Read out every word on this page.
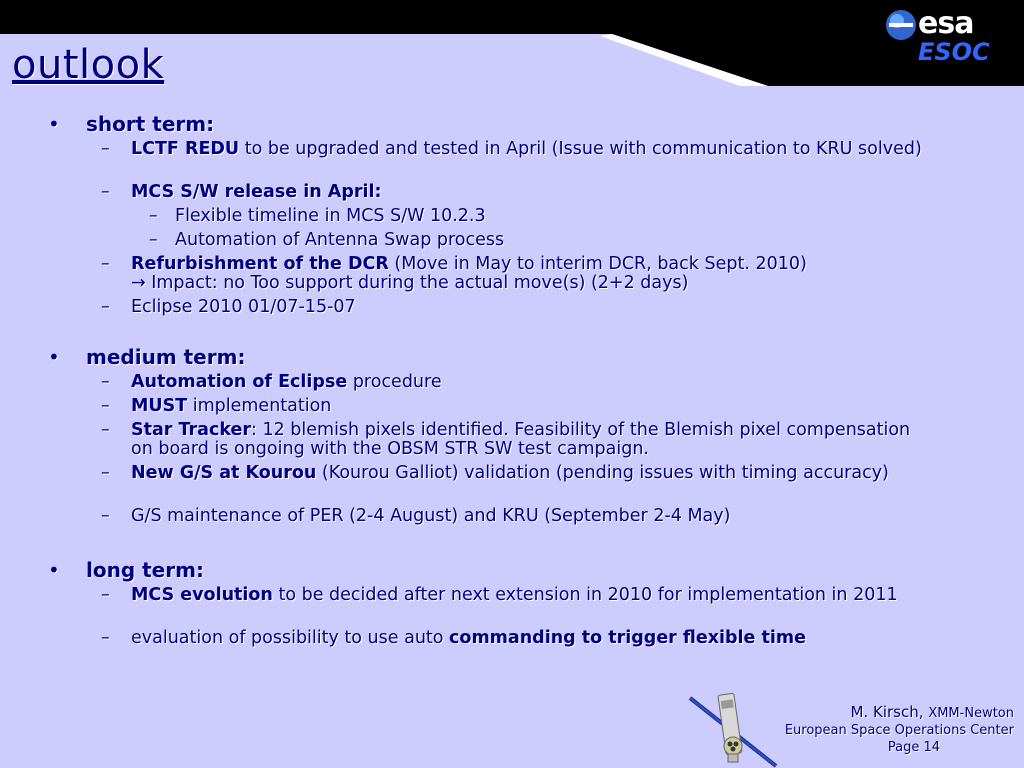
outlook
esa
ESOC
• short term:
– LCTF REDU to be upgraded and tested in April (Issue with communication to KRU solved)
– MCS S/W release in April:
– Flexible timeline in MCS S/W 10.2.3
– Automation of Antenna Swap process
– Refurbishment of the DCR (Move in May to interim DCR, back Sept. 2010)
→ Impact: no Too support during the actual move(s) (2+2 days)
– Eclipse 2010 01/07-15-07
• medium term:
– Automation of Eclipse procedure
– MUST implementation
– Star Tracker: 12 blemish pixels identified. Feasibility of the Blemish pixel compensation on board is ongoing with the OBSM STR SW test campaign.
– New G/S at Kourou (Kourou Galliot) validation (pending issues with timing accuracy)
– G/S maintenance of PER (2-4 August) and KRU (September 2-4 May)
• long term:
– MCS evolution to be decided after next extension in 2010 for implementation in 2011
– evaluation of possibility to use auto commanding to trigger flexible time
M. Kirsch, XMM-Newton
European Space Operations Center
Page 14
